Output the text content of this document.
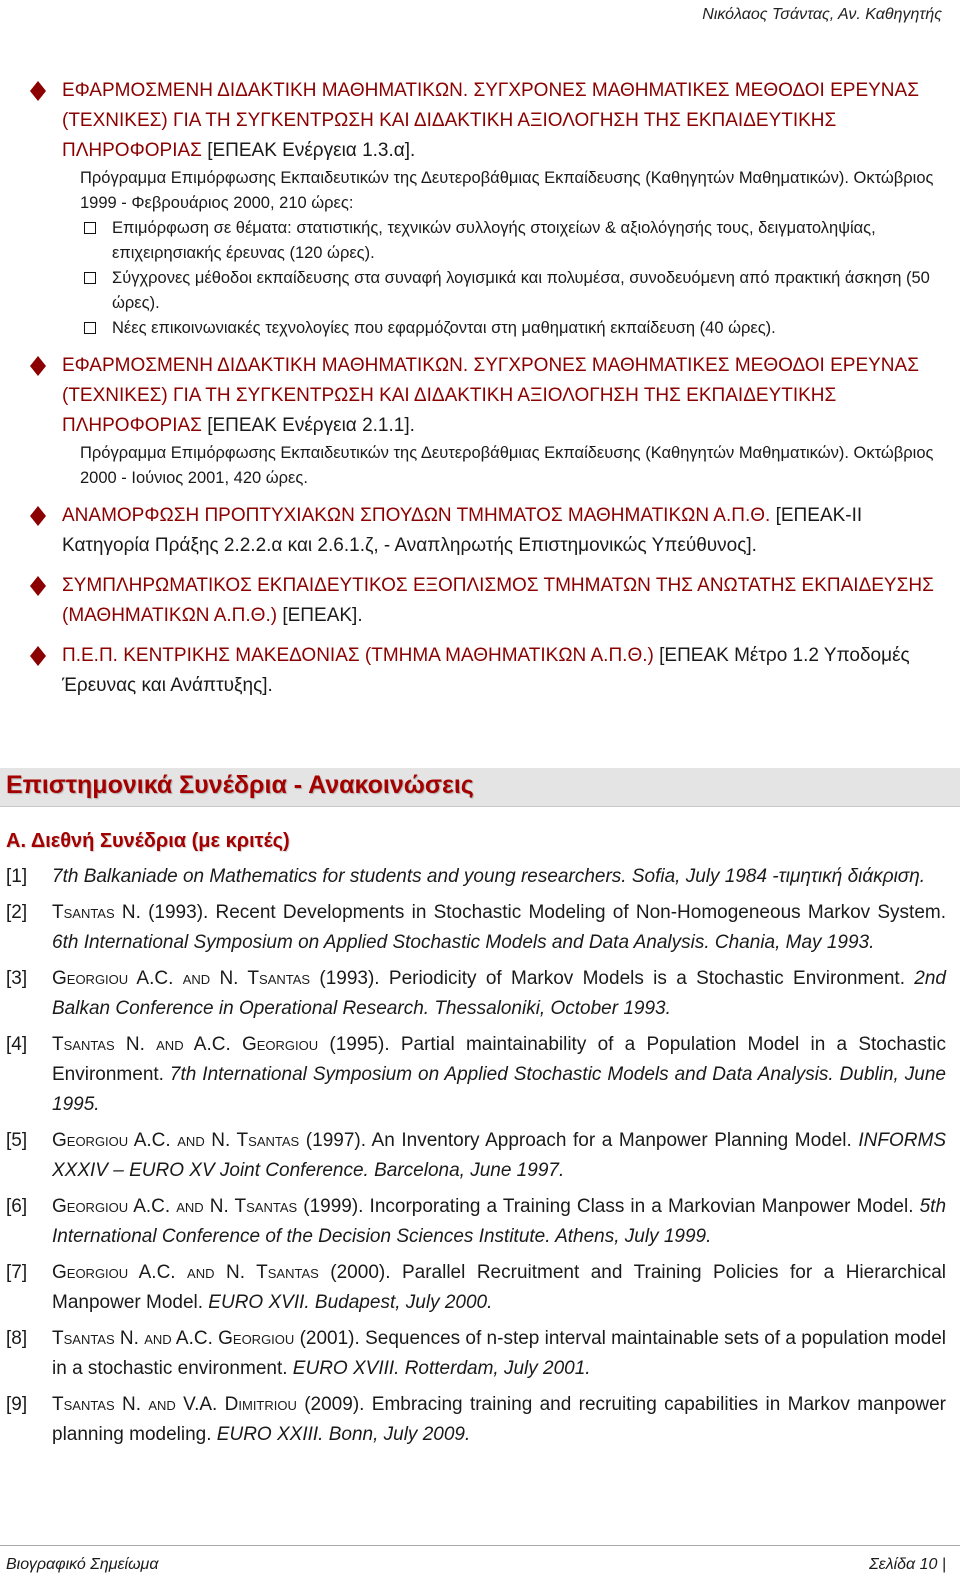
Νικόλαος Τσάντας, Αν. Καθηγητής
ΕΦΑΡΜΟΣΜΕΝΗ ΔΙΔΑΚΤΙΚΗ ΜΑΘΗΜΑΤΙΚΩΝ. ΣΥΓΧΡΟΝΕΣ ΜΑΘΗΜΑΤΙΚΕΣ ΜΕΘΟΔΟΙ ΕΡΕΥΝΑΣ (ΤΕΧΝΙΚΕΣ) ΓΙΑ ΤΗ ΣΥΓΚΕΝΤΡΩΣΗ ΚΑΙ ΔΙΔΑΚΤΙΚΗ ΑΞΙΟΛΟΓΗΣΗ ΤΗΣ ΕΚΠΑΙΔΕΥΤΙΚΗΣ ΠΛΗΡΟΦΟΡΙΑΣ [ΕΠΕΑΚ Ενέργεια 1.3.α].
Πρόγραμμα Επιμόρφωσης Εκπαιδευτικών της Δευτεροβάθμιας Εκπαίδευσης (Καθηγητών Μαθηματικών). Οκτώβριος 1999 - Φεβρουάριος 2000, 210 ώρες:
Επιμόρφωση σε θέματα: στατιστικής, τεχνικών συλλογής στοιχείων & αξιολόγησής τους, δειγματοληψίας, επιχειρησιακής έρευνας (120 ώρες).
Σύγχρονες μέθοδοι εκπαίδευσης στα συναφή λογισμικά και πολυμέσα, συνοδευόμενη από πρακτική άσκηση (50 ώρες).
Νέες επικοινωνιακές τεχνολογίες που εφαρμόζονται στη μαθηματική εκπαίδευση (40 ώρες).
ΕΦΑΡΜΟΣΜΕΝΗ ΔΙΔΑΚΤΙΚΗ ΜΑΘΗΜΑΤΙΚΩΝ. ΣΥΓΧΡΟΝΕΣ ΜΑΘΗΜΑΤΙΚΕΣ ΜΕΘΟΔΟΙ ΕΡΕΥΝΑΣ (ΤΕΧΝΙΚΕΣ) ΓΙΑ ΤΗ ΣΥΓΚΕΝΤΡΩΣΗ ΚΑΙ ΔΙΔΑΚΤΙΚΗ ΑΞΙΟΛΟΓΗΣΗ ΤΗΣ ΕΚΠΑΙΔΕΥΤΙΚΗΣ ΠΛΗΡΟΦΟΡΙΑΣ [ΕΠΕΑΚ Ενέργεια 2.1.1].
Πρόγραμμα Επιμόρφωσης Εκπαιδευτικών της Δευτεροβάθμιας Εκπαίδευσης (Καθηγητών Μαθηματικών). Οκτώβριος 2000 - Ιούνιος 2001, 420 ώρες.
ΑΝΑΜΟΡΦΩΣΗ ΠΡΟΠΤΥΧΙΑΚΩΝ ΣΠΟΥΔΩΝ ΤΜΗΜΑΤΟΣ ΜΑΘΗΜΑΤΙΚΩΝ Α.Π.Θ. [ΕΠΕΑΚ-ΙΙ Κατηγορία Πράξης 2.2.2.α και 2.6.1.ζ, - Αναπληρωτής Επιστημονικώς Υπεύθυνος].
ΣΥΜΠΛΗΡΩΜΑΤΙΚΟΣ ΕΚΠΑΙΔΕΥΤΙΚΟΣ ΕΞΟΠΛΙΣΜΟΣ ΤΜΗΜΑΤΩΝ ΤΗΣ ΑΝΩΤΑΤΗΣ ΕΚΠΑΙΔΕΥΣΗΣ (ΜΑΘΗΜΑΤΙΚΩΝ Α.Π.Θ.) [ΕΠΕΑΚ].
Π.Ε.Π. ΚΕΝΤΡΙΚΗΣ ΜΑΚΕΔΟΝΙΑΣ (ΤΜΗΜΑ ΜΑΘΗΜΑΤΙΚΩΝ Α.Π.Θ.) [ΕΠΕΑΚ Μέτρο 1.2 Υποδομές Έρευνας και Ανάπτυξης].
Επιστημονικά Συνέδρια - Ανακοινώσεις
Α. Διεθνή Συνέδρια (με κριτές)
[1] 7th Balkaniade on Mathematics for students and young researchers. Sofia, July 1984 -τιμητική διάκριση.
[2] Tsantas N. (1993). Recent Developments in Stochastic Modeling of Non-Homogeneous Markov System. 6th International Symposium on Applied Stochastic Models and Data Analysis. Chania, May 1993.
[3] Georgiou A.C. and N. Tsantas (1993). Periodicity of Markov Models is a Stochastic Environment. 2nd Balkan Conference in Operational Research. Thessaloniki, October 1993.
[4] Tsantas N. and A.C. Georgiou (1995). Partial maintainability of a Population Model in a Stochastic Environment. 7th International Symposium on Applied Stochastic Models and Data Analysis. Dublin, June 1995.
[5] Georgiou A.C. and N. Tsantas (1997). An Inventory Approach for a Manpower Planning Model. INFORMS XXXIV – EURO XV Joint Conference. Barcelona, June 1997.
[6] Georgiou A.C. and N. Tsantas (1999). Incorporating a Training Class in a Markovian Manpower Model. 5th International Conference of the Decision Sciences Institute. Athens, July 1999.
[7] Georgiou A.C. and N. Tsantas (2000). Parallel Recruitment and Training Policies for a Hierarchical Manpower Model. EURO XVII. Budapest, July 2000.
[8] Tsantas N. and A.C. Georgiou (2001). Sequences of n-step interval maintainable sets of a population model in a stochastic environment. EURO XVIII. Rotterdam, July 2001.
[9] Tsantas N. and V.A. Dimitriou (2009). Embracing training and recruiting capabilities in Markov manpower planning modeling. EURO XXIII. Bonn, July 2009.
Βιογραφικό Σημείωμα	Σελίδα 10 |
